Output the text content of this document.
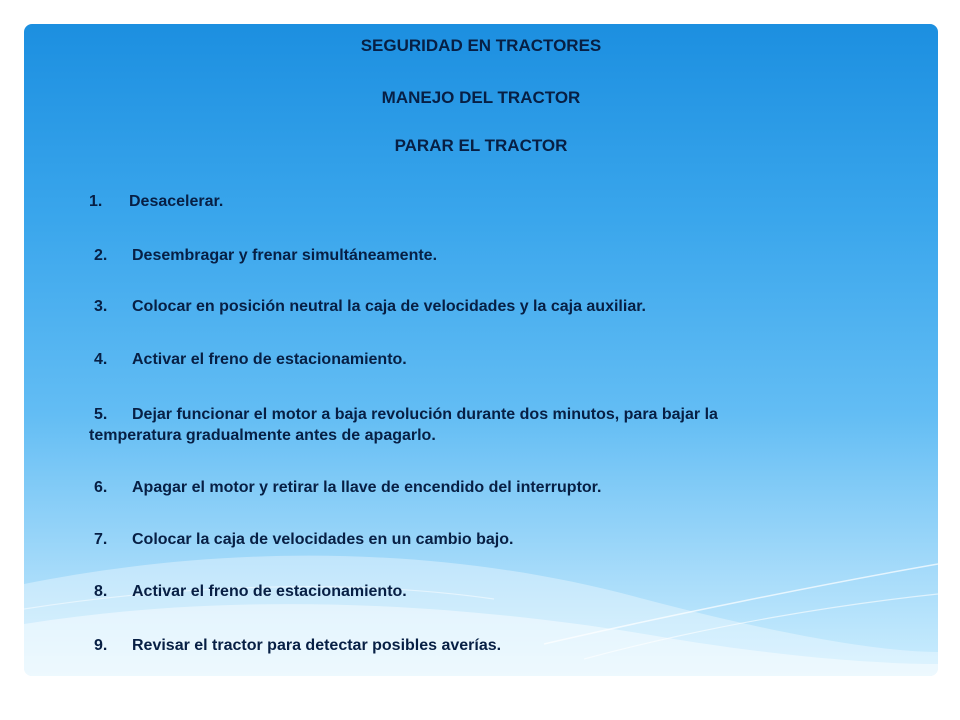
SEGURIDAD EN TRACTORES

MANEJO DEL TRACTOR

PARAR EL TRACTOR

1. Desacelerar.

2. Desembragar y frenar simultáneamente.

3. Colocar en posición neutral la caja de velocidades y la caja auxiliar.

4. Activar el freno de estacionamiento.

5. Dejar funcionar el motor a baja revolución durante dos minutos, para bajar la

temperatura gradualmente antes de apagarlo.

6. Apagar el motor y retirar la llave de encendido del interruptor.

7. Colocar la caja de velocidades en un cambio bajo.

8. Activar el freno de estacionamiento.

9. Revisar el tractor para detectar posibles averías.
